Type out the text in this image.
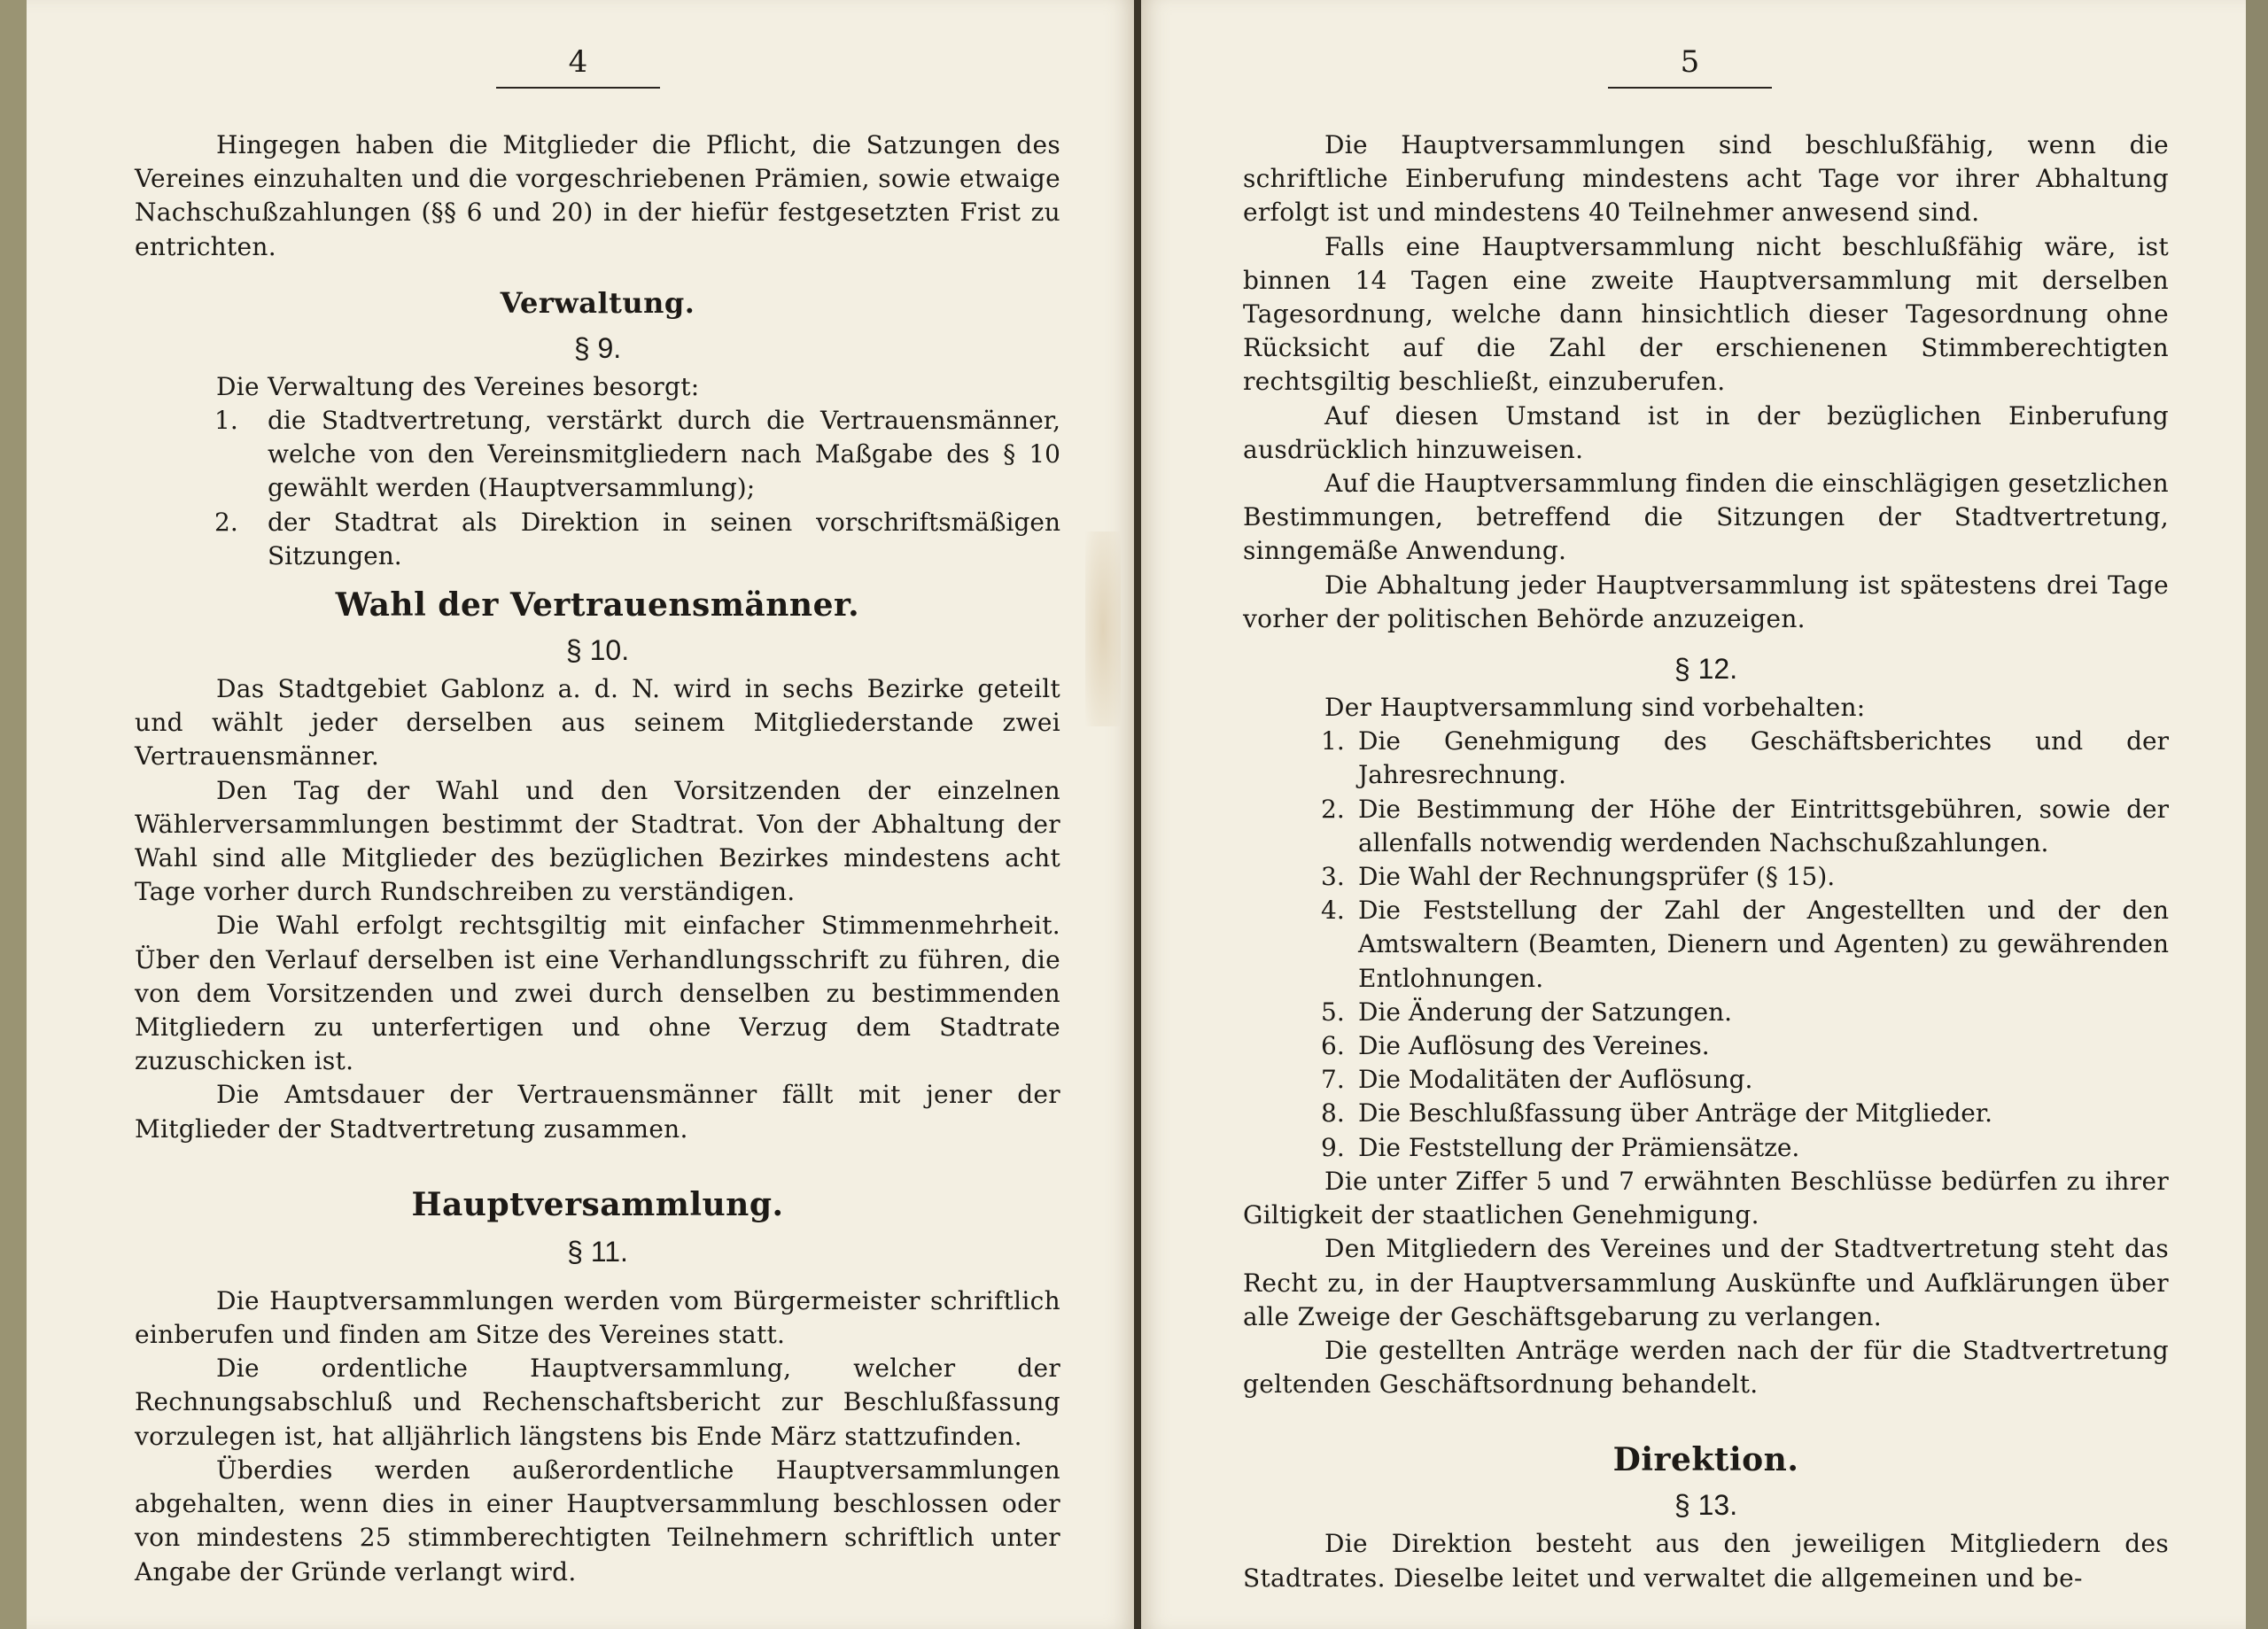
4

Hingegen haben die Mitglieder die Pflicht, die Satzungen des Vereines einzuhalten und die vorgeschriebenen Prämien, sowie etwaige Nachschußzahlungen (§§ 6 und 20) in der hiefür festgesetzten Frist zu entrichten.

Verwaltung.
§ 9.

Die Verwaltung des Vereines besorgt:

1.	die Stadtvertretung, verstärkt durch die Vertrauensmänner, welche von den Vereinsmitgliedern nach Maßgabe des § 10 gewählt werden (Hauptversammlung);
2.	der Stadtrat als Direktion in seinen vorschriftsmäßigen Sitzungen.
Wahl der Vertrauensmänner.
§ 10.

Das Stadtgebiet Gablonz a. d. N. wird in sechs Bezirke geteilt und wählt jeder derselben aus seinem Mitgliederstande zwei Vertrauensmänner.

Den Tag der Wahl und den Vorsitzenden der einzelnen Wählerversammlungen bestimmt der Stadtrat. Von der Abhaltung der Wahl sind alle Mitglieder des bezüglichen Bezirkes mindestens acht Tage vorher durch Rundschreiben zu verständigen.

Die Wahl erfolgt rechtsgiltig mit einfacher Stimmenmehrheit. Über den Verlauf derselben ist eine Verhandlungsschrift zu führen, die von dem Vorsitzenden und zwei durch denselben zu bestimmenden Mitgliedern zu unterfertigen und ohne Verzug dem Stadtrate zuzuschicken ist.

Die Amtsdauer der Vertrauensmänner fällt mit jener der Mitglieder der Stadtvertretung zusammen.

Hauptversammlung.
§ 11.

Die Hauptversammlungen werden vom Bürgermeister schriftlich einberufen und finden am Sitze des Vereines statt.

Die ordentliche Hauptversammlung, welcher der Rechnungsabschluß und Rechenschaftsbericht zur Beschlußfassung vorzulegen ist, hat alljährlich längstens bis Ende März stattzufinden.

Überdies werden außerordentliche Hauptversammlungen abgehalten, wenn dies in einer Hauptversammlung beschlossen oder von mindestens 25 stimmberechtigten Teilnehmern schriftlich unter Angabe der Gründe verlangt wird.

5

Die Hauptversammlungen sind beschlußfähig, wenn die schriftliche Einberufung mindestens acht Tage vor ihrer Abhaltung erfolgt ist und mindestens 40 Teilnehmer anwesend sind.

Falls eine Hauptversammlung nicht beschlußfähig wäre, ist binnen 14 Tagen eine zweite Hauptversammlung mit derselben Tagesordnung, welche dann hinsichtlich dieser Tagesordnung ohne Rücksicht auf die Zahl der erschienenen Stimmberechtigten rechtsgiltig beschließt, einzuberufen.

Auf diesen Umstand ist in der bezüglichen Einberufung ausdrücklich hinzuweisen.

Auf die Hauptversammlung finden die einschlägigen gesetzlichen Bestimmungen, betreffend die Sitzungen der Stadtvertretung, sinngemäße Anwendung.

Die Abhaltung jeder Hauptversammlung ist spätestens drei Tage vorher der politischen Behörde anzuzeigen.

§ 12.

Der Hauptversammlung sind vorbehalten:

1. Die Genehmigung des Geschäftsberichtes und der Jahresrechnung.
2. Die Bestimmung der Höhe der Eintrittsgebühren, sowie der allenfalls notwendig werdenden Nachschußzahlungen.
3. Die Wahl der Rechnungsprüfer (§ 15).
4. Die Feststellung der Zahl der Angestellten und der den Amtswaltern (Beamten, Dienern und Agenten) zu gewährenden Entlohnungen.
5. Die Änderung der Satzungen.
6. Die Auflösung des Vereines.
7. Die Modalitäten der Auflösung.
8. Die Beschlußfassung über Anträge der Mitglieder.
9. Die Feststellung der Prämiensätze.

Die unter Ziffer 5 und 7 erwähnten Beschlüsse bedürfen zu ihrer Giltigkeit der staatlichen Genehmigung.

Den Mitgliedern des Vereines und der Stadtvertretung steht das Recht zu, in der Hauptversammlung Auskünfte und Aufklärungen über alle Zweige der Geschäftsgebarung zu verlangen.

Die gestellten Anträge werden nach der für die Stadtvertretung geltenden Geschäftsordnung behandelt.

Direktion.
§ 13.

Die Direktion besteht aus den jeweiligen Mitgliedern des Stadtrates. Dieselbe leitet und verwaltet die allgemeinen und be-
